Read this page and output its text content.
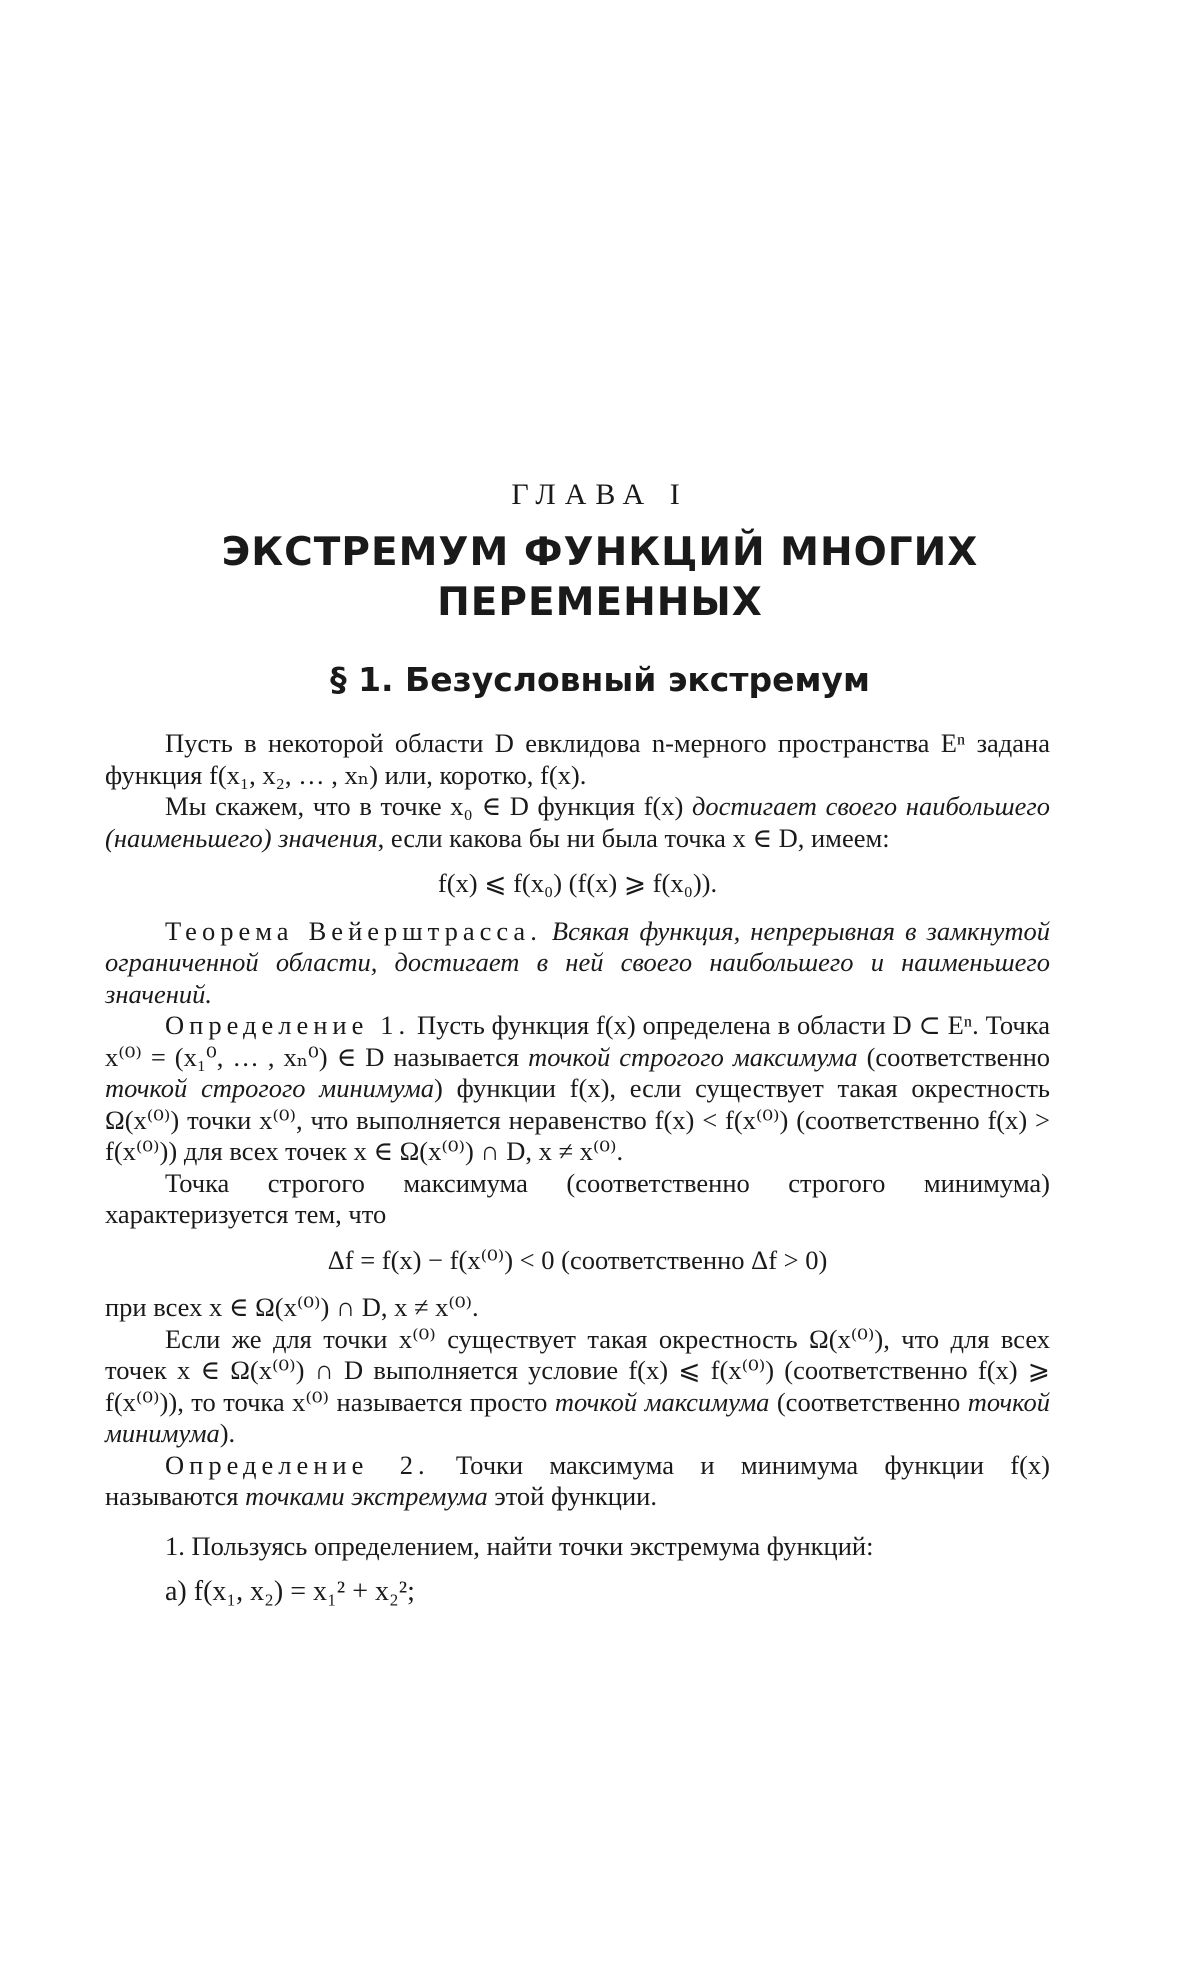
ГЛАВА I
ЭКСТРЕМУМ ФУНКЦИЙ МНОГИХ
ПЕРЕМЕННЫХ
§ 1. Безусловный экстремум

Пусть в некоторой области D евклидова n-мерного пространства Eⁿ задана функция f(x₁, x₂, … , xₙ) или, коротко, f(x).

Мы скажем, что в точке x₀ ∈ D функция f(x) достигает своего наибольшего (наименьшего) значения, если какова бы ни была точка x ∈ D, имеем:

f(x) ⩽ f(x₀) (f(x) ⩾ f(x₀)).

Теорема Вейерштрасса. Всякая функция, непрерывная в замкнутой ограниченной области, достигает в ней своего наибольшего и наименьшего значений.

Определение 1. Пусть функция f(x) определена в области D ⊂ Eⁿ. Точка x⁽⁰⁾ = (x₁⁰, … , xₙ⁰) ∈ D называется точкой строгого максимума (соответственно точкой строгого минимума) функции f(x), если существует такая окрестность Ω(x⁽⁰⁾) точки x⁽⁰⁾, что выполняется неравенство f(x) < f(x⁽⁰⁾) (соответственно f(x) > f(x⁽⁰⁾)) для всех точек x ∈ Ω(x⁽⁰⁾) ∩ D, x ≠ x⁽⁰⁾.

Точка строгого максимума (соответственно строгого минимума) характеризуется тем, что

Δf = f(x) − f(x⁽⁰⁾) < 0 (соответственно Δf > 0)

при всех x ∈ Ω(x⁽⁰⁾) ∩ D, x ≠ x⁽⁰⁾.

Если же для точки x⁽⁰⁾ существует такая окрестность Ω(x⁽⁰⁾), что для всех точек x ∈ Ω(x⁽⁰⁾) ∩ D выполняется условие f(x) ⩽ f(x⁽⁰⁾) (соответственно f(x) ⩾ f(x⁽⁰⁾)), то точка x⁽⁰⁾ называется просто точкой максимума (соответственно точкой минимума).

Определение 2. Точки максимума и минимума функции f(x) называются точками экстремума этой функции.

1. Пользуясь определением, найти точки экстремума функций:

а) f(x₁, x₂) = x₁² + x₂²;
